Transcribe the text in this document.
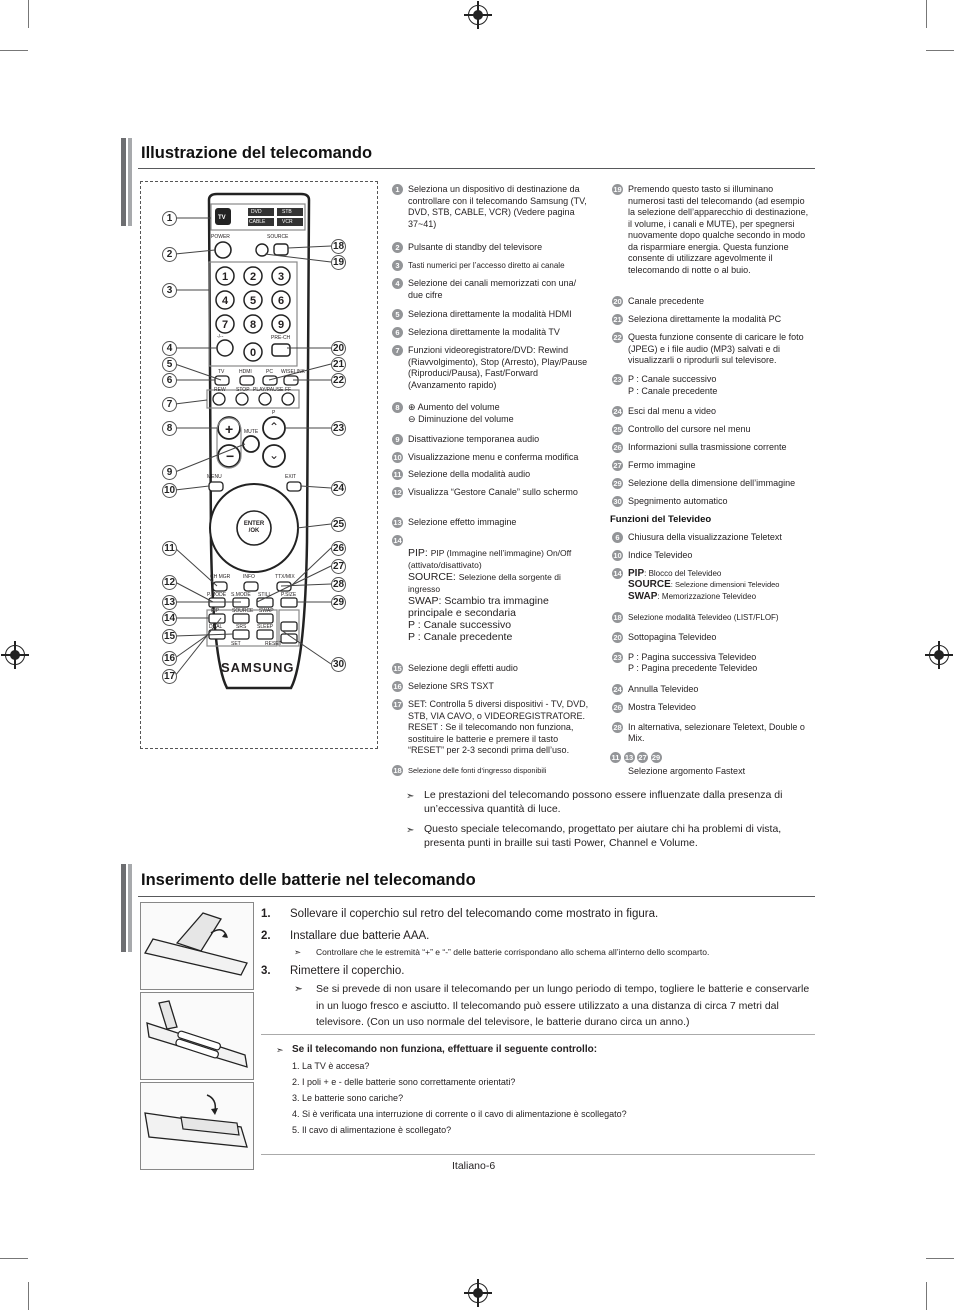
Illustrazione del telecomando
TV
DVD	STB
CABLE	VCR
POWER	SOURCE
1 2 3
4 5 6
7 8 9
0
-/--	PRE-CH
TV	HDMI	PC WISELINK
REW STOP PLAY/PAUSE FF
+
−
⌃
⌄
MUTE
P
MENU	EXIT
ENTER /OK
CH MGR	INFO	TTX/MIX
P.MODE S.MODE STILL P.SIZE
PIP	SOURCE SWAP
DUAL	SRS SLEEP
SET	RESET
SAMSUNG
1
2
3
4
5
6
7
8
9
10
11
12
13
14
15
16
17
18
19
20
21
22
23
24
25
26
27
28
29
30
1 Seleziona un dispositivo di destinazione da controllare con il telecomando Samsung (TV, DVD, STB, CABLE, VCR) (Vedere pagina 37~41)
2 Pulsante di standby del televisore
3	Tasti numerici per l’accesso diretto ai canale
4 Selezione dei canali memorizzati con una/ due cifre
5 Seleziona direttamente la modalità HDMI
6 Seleziona direttamente la modalità TV
7 Funzioni videoregistratore/DVD: Rewind (Riavvolgimento), Stop (Arresto), Play/Pause (Riproduci/Pausa), Fast/Forward (Avanzamento rapido)
8 ⊕ Aumento del volume
⊖ Diminuzione del volume
9 Disattivazione temporanea audio
10 Visualizzazione menu e conferma modifica
11 Selezione della modalità audio
12 Visualizza “Gestore Canale” sullo schermo
13 Selezione effetto immagine
14
PIP: PIP (Immagine nell’immagine) On/Off (attivato/disattivato)
SOURCE: Selezione della sorgente di ingresso
SWAP: Scambio tra immagine principale e secondaria
P : Canale successivo
P : Canale precedente
15 Selezione degli effetti audio
16 Selezione SRS TSXT
17 SET: Controlla 5 diversi dispositivi - TV, DVD, STB, VIA CAVO, o VIDEOREGISTRATORE.
RESET : Se il telecomando non funziona, sostituire le batterie e premere il tasto “RESET” per 2-3 secondi prima dell’uso.
18 Selezione delle fonti d’ingresso disponibili
19 Premendo questo tasto si illuminano numerosi tasti del telecomando (ad esempio la selezione dell’apparecchio di destinazione, il volume, i canali e MUTE), per spegnersi nuovamente dopo qualche secondo in modo da risparmiare energia. Questa funzione consente di utilizzare agevolmente il telecomando di notte o al buio.
20 Canale precedente
21 Seleziona direttamente la modalità PC
22 Questa funzione consente di caricare le foto (JPEG) e i file audio (MP3) salvati e di visualizzarli o riprodurli sul televisore.
23 P : Canale successivo
P : Canale precedente
24 Esci dal menu a video
25 Controllo del cursore nel menu
26 Informazioni sulla trasmissione corrente
27 Fermo immagine
29 Selezione della dimensione dell’immagine
30 Spegnimento automatico
Funzioni del Televideo
6 Chiusura della visualizzazione Teletext
10 Indice Televideo
14 PIP: Blocco del Televideo
SOURCE: Selezione dimensioni Televideo
SWAP: Memorizzazione Televideo
18 Selezione modalità Televideo (LIST/FLOF)
20 Sottopagina Televideo
23 P : Pagina successiva Televideo
P : Pagina precedente Televideo
24 Annulla Televideo
26 Mostra Televideo
28 In alternativa, selezionare Teletext, Double o Mix.
11 13 27 29
Selezione argomento Fastext
➣ Le prestazioni del telecomando possono essere influenzate dalla presenza di un’eccessiva quantità di luce.
➣ Questo speciale telecomando, progettato per aiutare chi ha problemi di vista, presenta punti in braille sui tasti Power, Channel e Volume.
Inserimento delle batterie nel telecomando
1. Sollevare il coperchio sul retro del telecomando come mostrato in figura.
2. Installare due batterie AAA.
➣ Controllare che le estremità “+” e “-” delle batterie corrispondano allo schema all’interno dello scomparto.
3. Rimettere il coperchio.
➣ Se si prevede di non usare il telecomando per un lungo periodo di tempo, togliere le batterie e conservarle in un luogo fresco e asciutto. Il telecomando può essere utilizzato a una distanza di circa 7 metri dal televisore. (Con un uso normale del televisore, le batterie durano circa un anno.)
➣ Se il telecomando non funziona, effettuare il seguente controllo:
1. La TV è accesa?
2. I poli + e - delle batterie sono correttamente orientati?
3. Le batterie sono cariche?
4. Si è verificata una interruzione di corrente o il cavo di alimentazione è scollegato?
5. Il cavo di alimentazione è scollegato?
Italiano-6
